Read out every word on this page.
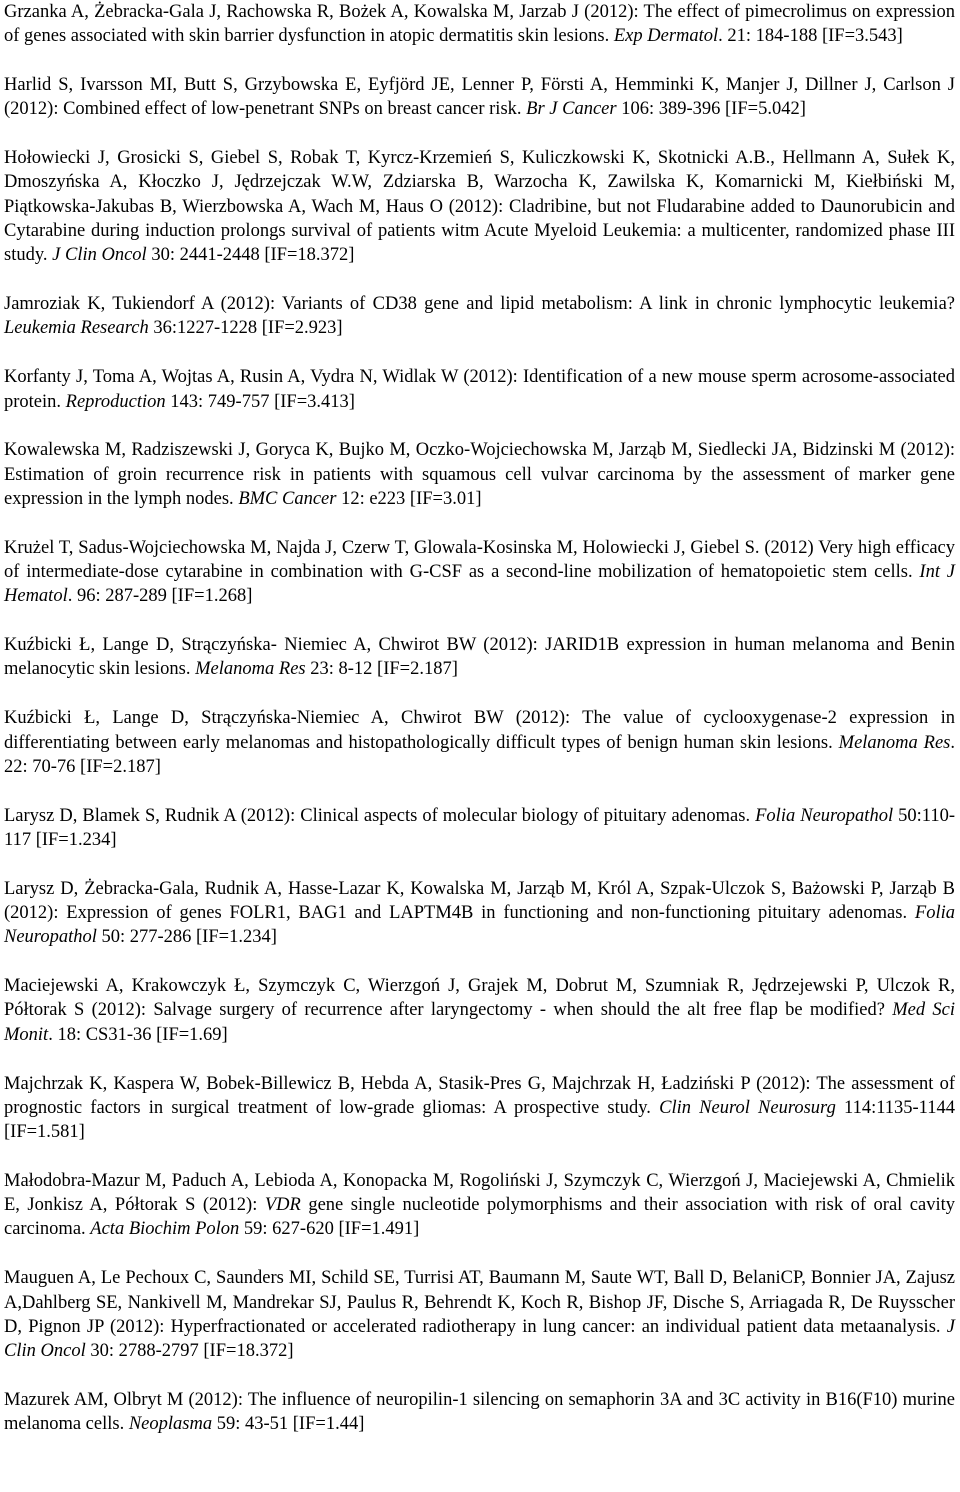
Grzanka A, Żebracka-Gala J, Rachowska R, Bożek A, Kowalska M, Jarzab J (2012): The effect of pimecrolimus on expression of genes associated with skin barrier dysfunction in atopic dermatitis skin lesions. Exp Dermatol. 21: 184-188 [IF=3.543]

Harlid S, Ivarsson MI, Butt S, Grzybowska E, Eyfjörd JE, Lenner P, Försti A, Hemminki K, Manjer J, Dillner J, Carlson J (2012): Combined effect of low-penetrant SNPs on breast cancer risk. Br J Cancer 106: 389-396 [IF=5.042]

Hołowiecki J, Grosicki S, Giebel S, Robak T, Kyrcz-Krzemień S, Kuliczkowski K, Skotnicki A.B., Hellmann A, Sułek K, Dmoszyńska A, Kłoczko J, Jędrzejczak W.W, Zdziarska B, Warzocha K, Zawilska K, Komarnicki M, Kiełbiński M, Piątkowska-Jakubas B, Wierzbowska A, Wach M, Haus O (2012): Cladribine, but not Fludarabine added to Daunorubicin and Cytarabine during induction prolongs survival of patients witm Acute Myeloid Leukemia: a multicenter, randomized phase III study. J Clin Oncol 30: 2441-2448 [IF=18.372]

Jamroziak K, Tukiendorf A (2012): Variants of CD38 gene and lipid metabolism: A link in chronic lymphocytic leukemia? Leukemia Research 36:1227-1228 [IF=2.923]

Korfanty J, Toma A, Wojtas A, Rusin A, Vydra N, Widlak W (2012): Identification of a new mouse sperm acrosome-associated protein. Reproduction 143: 749-757 [IF=3.413]

Kowalewska M, Radziszewski J, Goryca K, Bujko M, Oczko-Wojciechowska M, Jarząb M, Siedlecki JA, Bidzinski M (2012): Estimation of groin recurrence risk in patients with squamous cell vulvar carcinoma by the assessment of marker gene expression in the lymph nodes. BMC Cancer 12: e223 [IF=3.01]

Krużel T, Sadus-Wojciechowska M, Najda J, Czerw T, Glowala-Kosinska M, Holowiecki J, Giebel S. (2012) Very high efficacy of intermediate-dose cytarabine in combination with G-CSF as a second-line mobilization of hematopoietic stem cells. Int J Hematol. 96: 287-289 [IF=1.268]

Kuźbicki Ł, Lange D, Strączyńska- Niemiec A, Chwirot BW (2012): JARID1B expression in human melanoma and Benin melanocytic skin lesions. Melanoma Res 23: 8-12 [IF=2.187]

Kuźbicki Ł, Lange D, Strączyńska-Niemiec A, Chwirot BW (2012): The value of cyclooxygenase-2 expression in differentiating between early melanomas and histopathologically difficult types of benign human skin lesions. Melanoma Res. 22: 70-76 [IF=2.187]

Larysz D, Blamek S, Rudnik A (2012): Clinical aspects of molecular biology of pituitary adenomas. Folia Neuropathol 50:110-117 [IF=1.234]

Larysz D, Żebracka-Gala, Rudnik A, Hasse-Lazar K, Kowalska M, Jarząb M, Król A, Szpak-Ulczok S, Bażowski P, Jarząb B (2012): Expression of genes FOLR1, BAG1 and LAPTM4B in functioning and non-functioning pituitary adenomas. Folia Neuropathol 50: 277-286 [IF=1.234]

Maciejewski A, Krakowczyk Ł, Szymczyk C, Wierzgoń J, Grajek M, Dobrut M, Szumniak R, Jędrzejewski P, Ulczok R, Półtorak S (2012): Salvage surgery of recurrence after laryngectomy - when should the alt free flap be modified? Med Sci Monit. 18: CS31-36 [IF=1.69]

Majchrzak K, Kaspera W, Bobek-Billewicz B, Hebda A, Stasik-Pres G, Majchrzak H, Ładziński P (2012): The assessment of prognostic factors in surgical treatment of low-grade gliomas: A prospective study. Clin Neurol Neurosurg 114:1135-1144 [IF=1.581]

Małodobra-Mazur M, Paduch A, Lebioda A, Konopacka M, Rogoliński J, Szymczyk C, Wierzgoń J, Maciejewski A, Chmielik E, Jonkisz A, Półtorak S (2012): VDR gene single nucleotide polymorphisms and their association with risk of oral cavity carcinoma. Acta Biochim Polon 59: 627-620 [IF=1.491]

Mauguen A, Le Pechoux C, Saunders MI, Schild SE, Turrisi AT, Baumann M, Saute WT, Ball D, BelaniCP, Bonnier JA, Zajusz A,Dahlberg SE, Nankivell M, Mandrekar SJ, Paulus R, Behrendt K, Koch R, Bishop JF, Dische S, Arriagada R, De Ruysscher D, Pignon JP (2012): Hyperfractionated or accelerated radiotherapy in lung cancer: an individual patient data metaanalysis. J Clin Oncol 30: 2788-2797 [IF=18.372]

Mazurek AM, Olbryt M (2012): The influence of neuropilin-1 silencing on semaphorin 3A and 3C activity in B16(F10) murine melanoma cells. Neoplasma 59: 43-51 [IF=1.44]
